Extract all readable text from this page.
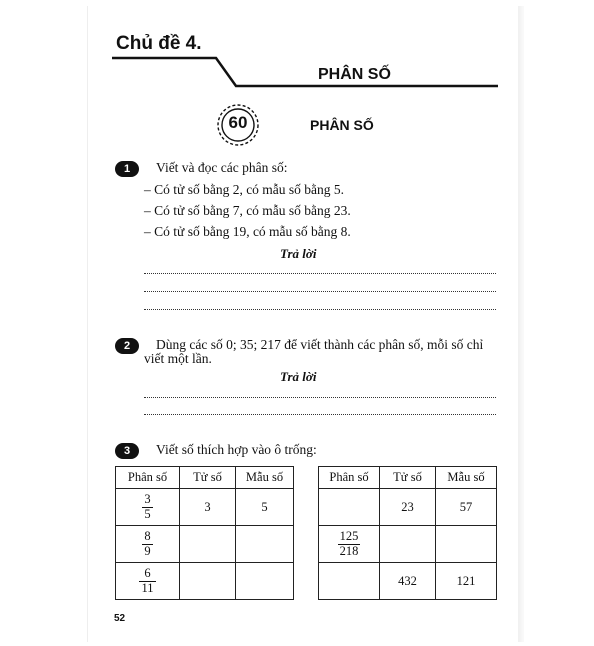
Chủ đề 4.
PHÂN SỐ
60	PHÂN SỐ
1	Viết và đọc các phân số:
– Có tử số bằng 2, có mẫu số bằng 5.
– Có tử số bằng 7, có mẫu số bằng 23.
– Có tử số bằng 19, có mẫu số bằng 8.
Trả lời
2	Dùng các số 0; 35; 217 để viết thành các phân số, mỗi số chỉ
viết một lần.
Trả lời
3	Viết số thích hợp vào ô trống:
Phân số	Tử số	Mẫu số

$\frac{3}{5}$	3	5

$\frac{8}{9}$

$\frac{6}{11}$

Phân số	Tử số	Mẫu số
	23	57

$\frac{125}{218}$

	432	121
52
